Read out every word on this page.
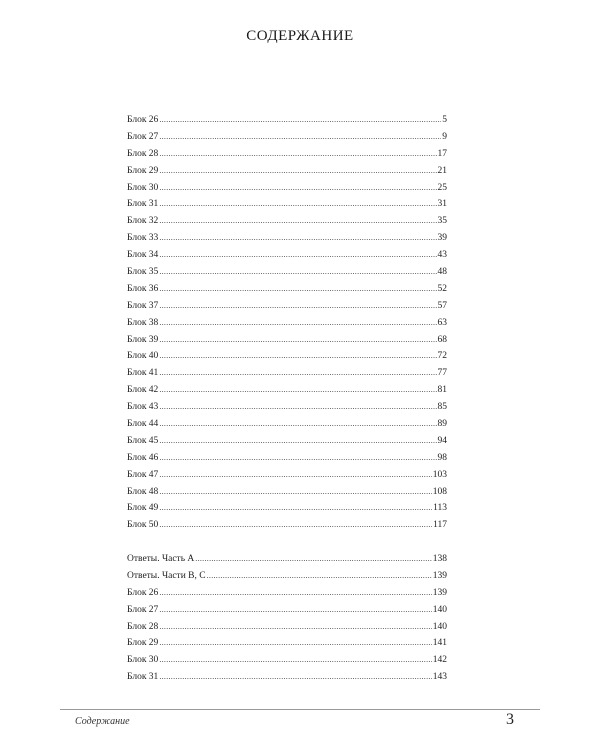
СОДЕРЖАНИЕ
Блок 26 .....	5
Блок 27 .....	9
Блок 28 .....	17
Блок 29 .....	21
Блок 30 .....	25
Блок 31 .....	31
Блок 32 .....	35
Блок 33 .....	39
Блок 34 .....	43
Блок 35 .....	48
Блок 36 .....	52
Блок 37 .....	57
Блок 38 .....	63
Блок 39 .....	68
Блок 40 .....	72
Блок 41 .....	77
Блок 42 .....	81
Блок 43 .....	85
Блок 44 .....	89
Блок 45 .....	94
Блок 46 .....	98
Блок 47 .....	103
Блок 48 .....	108
Блок 49 .....	113
Блок 50 .....	117
Ответы. Часть А .....	138
Ответы. Части В, С .....	139
Блок 26 .....	139
Блок 27 .....	140
Блок 28 .....	140
Блок 29 .....	141
Блок 30 .....	142
Блок 31 .....	143
Содержание	3
